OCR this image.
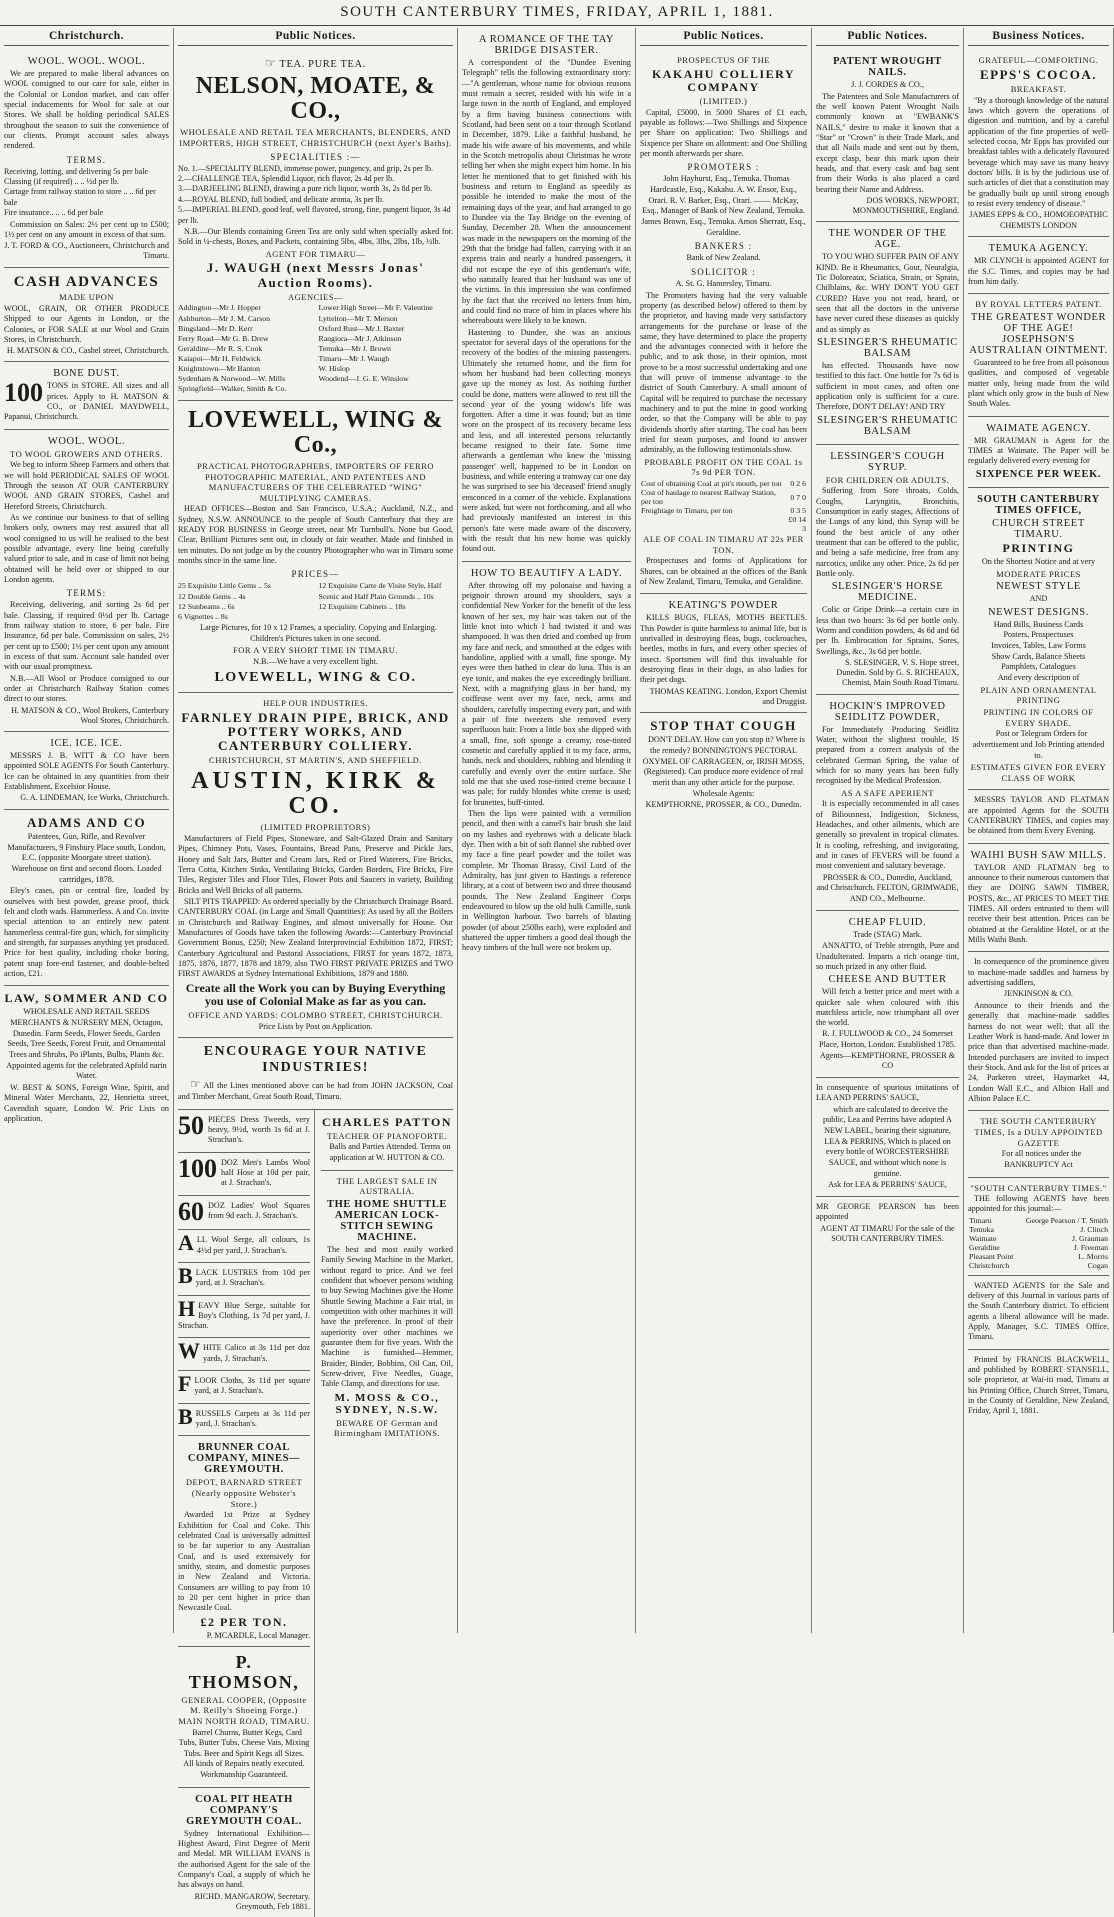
SOUTH CANTERBURY TIMES, FRIDAY, APRIL 1, 1881.
Christchurch.
WOOL. WOOL. WOOL.

We are prepared to make liberal advances on WOOL consigned to our care for sale, either in the Colonial or London market, and can offer special inducements for Wool for sale at our Stores. We shall be holding periodical SALES throughout the season to suit the convenience of our clients. Prompt account sales always rendered.

TERMS.
Receiving, lotting, and delivering 5s per bale
Classing (if required) .. .. ½d per lb.
Cartage from railway station to store .. .. 6d per bale
Fire insurance.. .. .. 6d per bale

Commission on Sales: 2½ per cent up to £500; 1½ per cent on any amount in excess of that sum.

J. T. FORD & CO., Auctioneers, Christchurch and Timaru.
CASH ADVANCES
MADE UPON

WOOL, GRAIN, OR OTHER PRODUCE Shipped to our Agents in London, or the Colonies, or FOR SALE at our Wool and Grain Stores, in Christchurch.

H. MATSON & CO., Cashel street, Christchurch.
BONE DUST.
100 TONS in STORE. All sizes and all prices. Apply to H. MATSON & CO., or DANIEL MAYDWELL, Papanui, Christchurch.

WOOL. WOOL.
TO WOOL GROWERS AND OTHERS.

We beg to inform Sheep Farmers and others that we will hold PERIODICAL SALES OF WOOL Through the season AT OUR CANTERBURY WOOL AND GRAIN STORES, Cashel and Hereford Streets, Christchurch.

As we continue our business to that of selling brokers only, owners may rest assured that all wool consigned to us will be realised to the best possible advantage, every line being carefully valued prior to sale, and in case of limit not being obtained will be held over or shipped to our London agents.

TERMS:

Receiving, delivering, and sorting 2s 6d per bale. Classing, if required 0½d per lb. Cartage from railway station to store, 6 per bale. Fire Insurance, 6d per bale. Commission on sales, 2½ per cent up to £500; 1½ per cent upon any amount in excess of that sum. Account sale handed over with our usual promptness.

N.B.—All Wool or Produce consigned to our order at Christchurch Railway Station comes direct to our stores.

H. MATSON & CO., Wool Brokers, Canterbury Wool Stores, Christchurch.
ICE. ICE. ICE.

MESSRS J. B. WITT & CO have been appointed SOLE AGENTS For South Canterbury. Ice can be obtained in any quantities from their Establishment, Excelsior House.

G. A. LINDEMAN, Ice Works, Christchurch.
ADAMS AND CO

Patentees, Gun, Rifle, and Revolver Manufacturers, 9 Finsbury Place south, London, E.C. (opposite Moorgate street station). Warehouse on first and second floors. Loaded cartridges, 1878.

Eley's cases, pin or central fire, loaded by ourselves with best powder, grease proof, thick felt and cloth wads. Hammerless. A and Co. invite special attention to an entirely new patent hammerless central-fire gun, which, for simplicity and strength, far surpasses anything yet produced. Price for best quality, including choke boring, patent snap fore-end fastener, and double-belted action, £21.

LAW, SOMMER AND CO

WHOLESALE AND RETAIL SEEDS MERCHANTS & NURSERY MEN, Octagon, Dunedin. Farm Seeds, Flower Seeds, Garden Seeds, Tree Seeds, Forest Fruit, and Ornamental Trees and Shrubs, Po iPlants, Bulbs, Plants &c. Appointed agents for the celebrated Apfold narin Water.

W. BEST & SONS, Foreign Wine, Spirit, and Mineral Water Merchants, 22, Henrietta street, Cavendish square, London W. Pric Lists on application.

Public Notices.
☞ TEA. PURE TEA.
NELSON, MOATE, & CO.,
WHOLESALE AND RETAIL TEA MERCHANTS, BLENDERS, AND IMPORTERS, HIGH STREET, CHRISTCHURCH (next Ayer's Baths).
SPECIALITIES :—
No. 1.—SPECIALITY BLEND, immense power, pungency, and grip, 2s per lb.
2.—CHALLENGE TEA, Splendid Liquor, rich flavor, 2s 4d per lb.
3.—DARJEELING BLEND, drawing a pure rich liquor, worth 3s, 2s 8d per lb.
4.—ROYAL BLEND, full bodied, and delicate aroma, 3s per lb.
5.—IMPERIAL BLEND, good leaf, well flavored, strong, fine, pungent liquor, 3s 4d per lb.

N.B.—Our Blends containing Green Tea are only sold when specially asked for. Sold in ¼-chests, Boxes, and Packets, containing 5lbs, 4lbs, 3lbs, 2lbs, 1lb, ½lb.

AGENT FOR TIMARU—
J. WAUGH (next Messrs Jonas' Auction Rooms).
AGENCIES—
Addington—Mr J. Hopper
Ashburton—Mr J. M. Carson
Bingsland—Mr D. Kerr
Ferry Road—Mr G. B. Drew
Geraldine—Mr R. S. Cook
Kaiapoi—Mr H. Feldwick
Knightstown—Mr Banton
Sydenham & Norwood—W. Mills
Springfield—Walker, Smith & Co.
Lower High Street—Mr F. Valentine
Lyttelton—Mr T. Merson
Oxford Rust—Mr J. Baxter
Rangiora—Mr J. Atkinson
Temuka—Mr J. Brown
Timaru—Mr J. Waugh
W. Hislop
Woodend—J. G. E. Winslow
LOVEWELL, WING & Co.,
PRACTICAL PHOTOGRAPHERS, IMPORTERS OF FERRO PHOTOGRAPHIC MATERIAL, AND PATENTEES AND MANUFACTURERS OF THE CELEBRATED "WING" MULTIPLYING CAMERAS.

HEAD OFFICES—Boston and San Francisco, U.S.A.; Auckland, N.Z., and Sydney, N.S.W. ANNOUNCE to the people of South Canterbury that they are READY FOR BUSINESS in George street, near Mr Turnbull's. None but Good, Clear, Brilliant Pictures sent out, in cloudy or fair weather. Made and finished in ten minutes. Do not judge us by the country Photographer who was in Timaru some months since in the same line.

PRICES—
25 Exquisite Little Gems .. 5s
12 Double Gems .. 4s
12 Sunbeams .. 6s
6 Vignettes .. 8s
12 Exquisite Carte de Visite Style, Half Scenic and Half Plain Grounds .. 10s
12 Exquisite Cabinets .. 18s

Large Pictures, for 10 x 12 Frames, a speciality. Copying and Enlarging. Children's Pictures taken in one second.

FOR A VERY SHORT TIME IN TIMARU.
N.B.—We have a very excellent light.
LOVEWELL, WING & CO.
HELP OUR INDUSTRIES.
FARNLEY DRAIN PIPE, BRICK, AND POTTERY WORKS, AND CANTERBURY COLLIERY.
CHRISTCHURCH, ST MARTIN'S, AND SHEFFIELD.
AUSTIN, KIRK & CO.
(LIMITED PROPRIETORS)

Manufacturers of Field Pipes, Stoneware, and Salt-Glazed Drain and Sanitary Pipes, Chimney Pots, Vases, Fountains, Bread Pans, Preserve and Pickle Jars, Honey and Salt Jars, Butter and Cream Jars, Red or Fired Waterers, Fire Bricks, Terra Cotta, Kitchen Sinks, Ventilating Bricks, Garden Borders, Fire Bricks, Fire Tiles, Register Tiles and Floor Tiles, Flower Pots and Saucers in variety, Building Bricks and Well Bricks of all patterns.

SILT PITS TRAPPED: As ordered specially by the Christchurch Drainage Board. CANTERBURY COAL (in Large and Small Quantities): As used by all the Boilers in Christchurch and Railway Engines, and almost universally for House. Our Manufactures of Goods have taken the following Awards:—Canterbury Provincial Government Bonus, £250; New Zealand Interprovincial Exhibition 1872, FIRST; Canterbury Agricultural and Pastoral Associations, FIRST for years 1872, 1873, 1875, 1876, 1877, 1878 and 1879, also TWO FIRST PRIVATE PRIZES and TWO FIRST AWARDS at Sydney International Exhibitions, 1879 and 1880.

Create all the Work you can by Buying Everything you use of Colonial Make as far as you can.
OFFICE AND YARDS: COLOMBO STREET, CHRISTCHURCH.
Price Lists by Post on Application.
ENCOURAGE YOUR NATIVE INDUSTRIES!

☞ All the Lines mentioned above can be had from JOHN JACKSON, Coal and Timber Merchant, Great South Road, Timaru.

50 PIECES Dress Tweeds, very heavy, 9½d, worth 1s 6d at J. Strachan's.

100 DOZ Men's Lambs Wool half Hose at 10d per pair, at J. Strachan's.

60 DOZ Ladies' Wool Squares from 9d each. J. Strachan's.

A LL Wool Serge, all colours, 1s 4½d per yard, J. Strachan's.

B LACK LUSTRES from 10d per yard, at J. Strachan's.

H EAVY Blue Serge, suitable for Boy's Clothing, 1s 7d per yard, J. Strachan.

W HITE Calico at 3s 11d per doz yards, J. Strachan's.

F LOOR Cloths, 3s 11d per square yard, at J. Strachan's.

B RUSSELS Carpets at 3s 11d per yard, J. Strachan's.

BRUNNER COAL COMPANY, MINES—GREYMOUTH.
DEPOT, BARNARD STREET (Nearly opposite Webster's Store.)

Awarded 1st Prize at Sydney Exhibition for Coal and Coke. This celebrated Coal is universally admitted to be far superior to any Australian Coal, and is used extensively for smithy, steam, and domestic purposes in New Zealand and Victoria. Consumers are willing to pay from 10 to 20 per cent higher in price than Newcastle Coal.

£2 PER TON.
P. MCARDLE, Local Manager.
P. THOMSON,
GENERAL COOPER, (Opposite M. Reilly's Shoeing Forge.) MAIN NORTH ROAD, TIMARU.

Barrel Churns, Butter Kegs, Card Tubs, Butter Tubs, Cheese Vats, Mixing Tubs. Beer and Spirit Kegs all Sizes. All kinds of Repairs neatly executed. Workmanship Guaranteed.

COAL PIT HEATH COMPANY'S GREYMOUTH COAL.

Sydney International Exhibition—Highest Award, First Degree of Merit and Medal. MR WILLIAM EVANS is the authorised Agent for the sale of the Company's Coal, a supply of which he has always on hand.

RICHD. MANGAROW, Secretary. Greymouth, Feb 1881.
CHARLES PATTON
TEACHER OF PIANOFORTE.

Balls and Parties Attended. Terms on application at W. HUTTON & CO.

THE LARGEST SALE IN AUSTRALIA.
THE HOME SHUTTLE AMERICAN LOCK-STITCH SEWING MACHINE.

The best and most easily worked Family Sewing Machine in the Market, without regard to price. And we feel confident that whoever persons wishing to buy Sewing Machines give the Home Shuttle Sewing Machine a Fair trial, in competition with other machines it will have the preference. In proof of their superiority over other machines we guarantee them for five years. With the Machine is furnished—Hemmer, Braider, Binder, Bobbins, Oil Can, Oil, Screw-driver, Five Needles, Guage, Table Clamp, and directions for use.

M. MOSS & CO., SYDNEY, N.S.W.
BEWARE OF German and Birmingham IMITATIONS.
A ROMANCE OF THE TAY BRIDGE DISASTER.

A correspondent of the "Dundee Evening Telegraph" tells the following extraordinary story:—"A gentleman, whose name for obvious reasons must remain a secret, resided with his wife in a large town in the north of England, and employed by a firm having business connections with Scotland, had been sent on a tour through Scotland in December, 1879. Like a faithful husband, he made his wife aware of his movements, and while in the Scotch metropolis about Christmas he wrote telling her when she might expect him home. In his letter he mentioned that to get finished with his business and return to England as speedily as possible he intended to make the most of the remaining days of the year, and had arranged to go to Dundee via the Tay Bridge on the evening of Sunday, December 28. When the announcement was made in the newspapers on the morning of the 29th that the bridge had fallen, carrying with it an express train and nearly a hundred passengers, it did not escape the eye of this gentleman's wife, who naturally feared that her husband was one of the victims. In this impression she was confirmed by the fact that she received no letters from him, and could find no trace of him in places where his whereabouts were likely to be known.

Hastening to Dundee, she was an anxious spectator for several days of the operations for the recovery of the bodies of the missing passengers. Ultimately she returned home, and the firm for whom her husband had been collecting moneys gave up the money as lost. As nothing further could be done, matters were allowed to rest till the second year of the young widow's life was forgotten. After a time it was found; but as time wore on the prospect of its recovery became less and less, and all interested persons reluctantly became resigned to their fate. Some time afterwards a gentleman who knew the 'missing passenger' well, happened to be in London on business, and while entering a tramway car one day he was surprised to see his 'deceased' friend snugly ensconced in a corner of the vehicle. Explanations were asked, but were not forthcoming, and all who had previously manifested an interest in this person's fate were made aware of the discovery, with the result that his new home was quickly found out.

HOW TO BEAUTIFY A LADY.

After throwing off my polonaise and having a peignoir thrown around my shoulders, says a confidential New Yorker for the benefit of the less known of her sex, my hair was taken out of the little knot into which I had twisted it and was shampooed. It was then dried and combed up from my face and neck, and smoothed at the edges with bandoline, applied with a small, fine sponge. My eyes were then bathed in clear do luna. This is an eye tonic, and makes the eye exceedingly brilliant. Next, with a magnifying glass in her hand, my coiffeuse went over my face, neck, arms and shoulders, carefully inspecting every part, and with a pair of fine tweezers she removed every superfluous hair. From a little box she dipped with a small, fine, soft sponge a creamy, rose-tinted cosmetic and carefully applied it to my face, arms, hands, neck and shoulders, rubbing and blending it carefully and evenly over the entire surface. She told me that she used rose-tinted creme because I was pale; for ruddy blondes white creme is used; for brunettes, buff-tinted.

Then the lips were painted with a vermilion pencil, and then with a camel's hair brush she laid on my lashes and eyebrows with a delicate black dye. Then with a bit of soft flannel she rubbed over my face a fine pearl powder and the toilet was complete. Mr Thomas Brassy, Civil Lord of the Admiralty, has just given to Hastings a reference library, at a cost of between two and three thousand pounds. The New Zealand Engineer Corps endeavoured to blow up the old hulk Camille, sunk in Wellington harbour. Two barrels of blasting powder (of about 250lbs each), were exploded and shattered the upper timbers a good deal though the heavy timbers of the hull were not broken up.

Public Notices.
PROSPECTUS OF THE
KAKAHU COLLIERY COMPANY
(LIMITED.)

Capital, £5000, in 5000 Shares of £1 each, payable as follows:—Two Shillings and Sixpence per Share on application: Two Shillings and Sixpence per Share on allotment: and One Shilling per month afterwards per share.

PROMOTERS :

John Hayhurst, Esq., Temuka. Thomas Hardcastle, Esq., Kakahu. A. W. Ensor, Esq., Orari. R. V. Barker, Esq., Orari. —— McKay, Esq., Manager of Bank of New Zealand, Temuka. James Brown, Esq., Temuka. Amos Sherratt, Esq., Geraldine.

BANKERS :
Bank of New Zealand.
SOLICITOR :
A. St. G. Hamersley, Timaru.

The Promoters having had the very valuable property (as described below) offered to them by the proprietor, and having made very satisfactory arrangements for the purchase or lease of the same, they have determined to place the property and the advantages connected with it before the public, and to ask those, in their opinion, most prove to be a most successful undertaking and one that will prove of immense advantage to the district of South Canterbury. A small amount of Capital will be required to purchase the necessary machinery and to put the mine in good working order, so that the Company will be able to pay dividends shortly after starting. The coal has been tried for steam purposes, and found to answer admirably, as the following testimonials show.

PROBABLE PROFIT ON THE COAL 1s 7s 9d PER TON.
Cost of obtaining Coal at pit's mouth, per ton	0 2 6
Cost of haulage to nearest Railway Station, per ton	0 7 0
Freightage to Timaru, per ton	0 3 5
	£0 14 3
ALE OF COAL IN TIMARU AT 22s PER TON.

Prospectuses and forms of Applications for Shares, can be obtained at the offices of the Bank of New Zealand, Timaru, Temuka, and Geraldine.

KEATING'S POWDER

KILLS BUGS, FLEAS, MOTHS BEETLES. This Powder is quite harmless to animal life, but is unrivalled in destroying fleas, bugs, cockroaches, beetles, moths in furs, and every other species of insect. Sportsmen will find this invaluable for destroying fleas in their dogs, as also ladies for their pet dogs.

THOMAS KEATING. London, Export Chemist and Druggist.
STOP THAT COUGH

DON'T DELAY. How can you stop it? Where is the remedy? BONNINGTON'S PECTORAL OXYMEL OF CARRAGEEN, or, IRISH MOSS, (Registered). Can produce more evidence of real merit than any other article for the purpose. Wholesale Agents:

KEMPTHORNE, PROSSER, & CO., Dunedin.
Public Notices.
PATENT WROUGHT NAILS.
J. J. CORDES & CO.,

The Patentees and Sole Manufacturers of the well known Patent Wrought Nails commonly known as "EWBANK'S NAILS," desire to make it known that a "Star" or "Crown" is their Trade Mark, and that all Nails made and sent out by them, except clasp, bear this mark upon their heads, and that every cask and bag sent from their Works is also placed a card bearing their Name and Address.

DOS WORKS, NEWPORT, MONMOUTHSHIRE, England.
THE WONDER OF THE AGE.

TO YOU WHO SUFFER PAIN OF ANY KIND. Be it Rheumatics, Gout, Neuralgia, Tic Doloreaux, Sciatica, Strain, or Sprain, Chilblains, &c. WHY DON'T YOU GET CURED? Have you not read, heard, or seen that all the doctors in the universe have never cured these diseases as quickly and as simply as

SLESINGER'S RHEUMATIC BALSAM

has effected. Thousands have now testified to this fact. One bottle for 7s 6d is sufficient in most cases, and often one application only is sufficient for a cure. Therefore, DON'T DELAY! AND TRY

SLESINGER'S RHEUMATIC BALSAM
LESSINGER'S COUGH SYRUP.
FOR CHILDREN OR ADULTS.

Suffering from Sore throats, Colds, Coughs, Laryngitis, Bronchitis, Consumption in early stages, Affections of the Lungs of any kind, this Syrup will be found the best article of any other treatment that can be offered to the public, and being a safe medicine, free from any narcotics, unlike any other. Price, 2s 6d per Bottle only.

SLESINGER'S HORSE MEDICINE.

Colic or Gripe Drink—a certain cure in less than two hours: 3s 6d per bottle only. Worm and condition powders, 4s 6d and 6d per lb. Embrocation for Sprains, Sores, Swellings, &c., 3s 6d per bottle.

S. SLESINGER, V. S. Hope street, Dunedin. Sold by G. S. RICHEAUX, Chemist, Main South Road Timaru.
HOCKIN'S IMPROVED SEIDLITZ POWDER,

For Immediately Producing Seidlitz Water, without the slightest trouble, IS prepared from a correct analysis of the celebrated German Spring, the value of which for so many years has been fully recognised by the Medical Profession.

AS A SAFE APERIENT

It is especially recommended in all cases of Biliousness, Indigestion, Sickness, Headaches, and other ailments, which are generally so prevalent in tropical climates. It is cooling, refreshing, and invigorating, and in cases of FEVERS will be found a most convenient and salutary beverage.

PROSSER & CO., Dunedin, Auckland, and Christchurch. FELTON, GRIMWADE, AND CO., Melbourne.
CHEAP FLUID.
Trade (STAG) Mark.

ANNATTO, of Treble strength, Pure and Unadulterated. Imparts a rich orange tint, so much prized in any other fluid.

CHEESE AND BUTTER

Will fetch a better price and meet with a quicker sale when coloured with this matchless article, now triumphant all over the world.

R. J. FULLWOOD & CO., 24 Somerset Place, Horton, London. Established 1785.
Agents—KEMPTHORNE, PROSSER & CO

In consequence of spurious imitations of LEA AND PERRINS' SAUCE,

which are calculated to deceive the public, Lea and Perrins have adopted A NEW LABEL, bearing their signature, LEA & PERRINS, Which is placed on every bottle of WORCESTERSHIRE SAUCE, and without which none is genuine.

Ask for LEA & PERRINS' SAUCE,

MR GEORGE PEARSON has been appointed

AGENT AT TIMARU For the sale of the SOUTH CANTERBURY TIMES.
Business Notices.
GRATEFUL—COMFORTING.
EPPS'S COCOA.
BREAKFAST.

"By a thorough knowledge of the natural laws which govern the operations of digestion and nutrition, and by a careful application of the fine properties of well-selected cocoa, Mr Epps has provided our breakfast tables with a delicately flavoured beverage which may save us many heavy doctors' bills. It is by the judicious use of such articles of diet that a constitution may be gradually built up until strong enough to resist every tendency of disease."

JAMES EPPS & CO., HOMOEOPATHIC CHEMISTS LONDON
TEMUKA AGENCY.

MR CLYNCH is appointed AGENT for the S.C. Times, and copies may be had from him daily.

BY ROYAL LETTERS PATENT.
THE GREATEST WONDER OF THE AGE! JOSEPHSON'S AUSTRALIAN OINTMENT.

Guaranteed to be free from all poisonous qualities, and composed of vegetable matter only, being made from the wild plant which only grow in the bush of New South Wales.

WAIMATE AGENCY.

MR GRAUMAN is Agent for the TIMES at Waimate. The Paper will be regularly delivered every evening for

SIXPENCE PER WEEK.
SOUTH CANTERBURY TIMES OFFICE,
CHURCH STREET TIMARU.
PRINTING
On the Shortest Notice and at very
MODERATE PRICES
NEWEST STYLE
AND
NEWEST DESIGNS.
Hand Bills, Business Cards
Posters, Prospectuses
Invoices, Tables, Law Forms
Show Cards, Balance Sheets
Pamphlets, Catalogues
And every description of
PLAIN AND ORNAMENTAL PRINTING
PRINTING IN COLORS OF EVERY SHADE.

Post or Telegram Orders for advertisement and Job Printing attended to.

ESTIMATES GIVEN FOR EVERY CLASS OF WORK

MESSRS TAYLOR AND FLATMAN are appointed Agents for the SOUTH CANTERBURY TIMES, and copies may be obtained from them Every Evening.

WAIHI BUSH SAW MILLS.

TAYLOR AND FLATMAN beg to announce to their numerous customers that they are DOING SAWN TIMBER, POSTS, &c., AT PRICES TO MEET THE TIMES. All orders entrusted to them will receive their best attention. Prices can be obtained at the Geraldine Hotel, or at the Mills Waihi Bush.

In consequence of the prominence given to machine-made saddles and harness by advertising saddlers,

JENKINSON & CO.

Announce to their friends and the generally that machine-made saddles harness do not wear well; that all the Leather Work is hand-made. And lower in price than that advertised machine-made. Intended purchasers are invited to inspect their Stock. And ask for the list of prices at 24, Parkeren street, Haymarket 44, London Wall E.C., and Albion Hall and Albion Palace E.C.

THE SOUTH CANTERBURY TIMES, Is a DULY APPOINTED GAZETTE

For all notices under the BANKRUPTCY Act

"SOUTH CANTERBURY TIMES."

THE following AGENTS have been appointed for this journal:—

Timaru	George Pearson / T. Smith
Temuka	J. Clinch
Waimate	J. Grauman
Geraldine	J. Freeman
Pleasant Point	L. Morris
Christchurch	Cogan

WANTED AGENTS for the Sale and delivery of this Journal in various parts of the South Canterbury district. To efficient agents a liberal allowance will be made. Apply, Manager, S.C. TIMES Office, Timaru.

Printed by FRANCIS BLACKWELL, and published by ROBERT STANSELL, sole proprietor, at Wai-iti road, Timaru at his Printing Office, Church Street, Timaru, in the County of Geraldine, New Zealand, Friday, April 1, 1881.
